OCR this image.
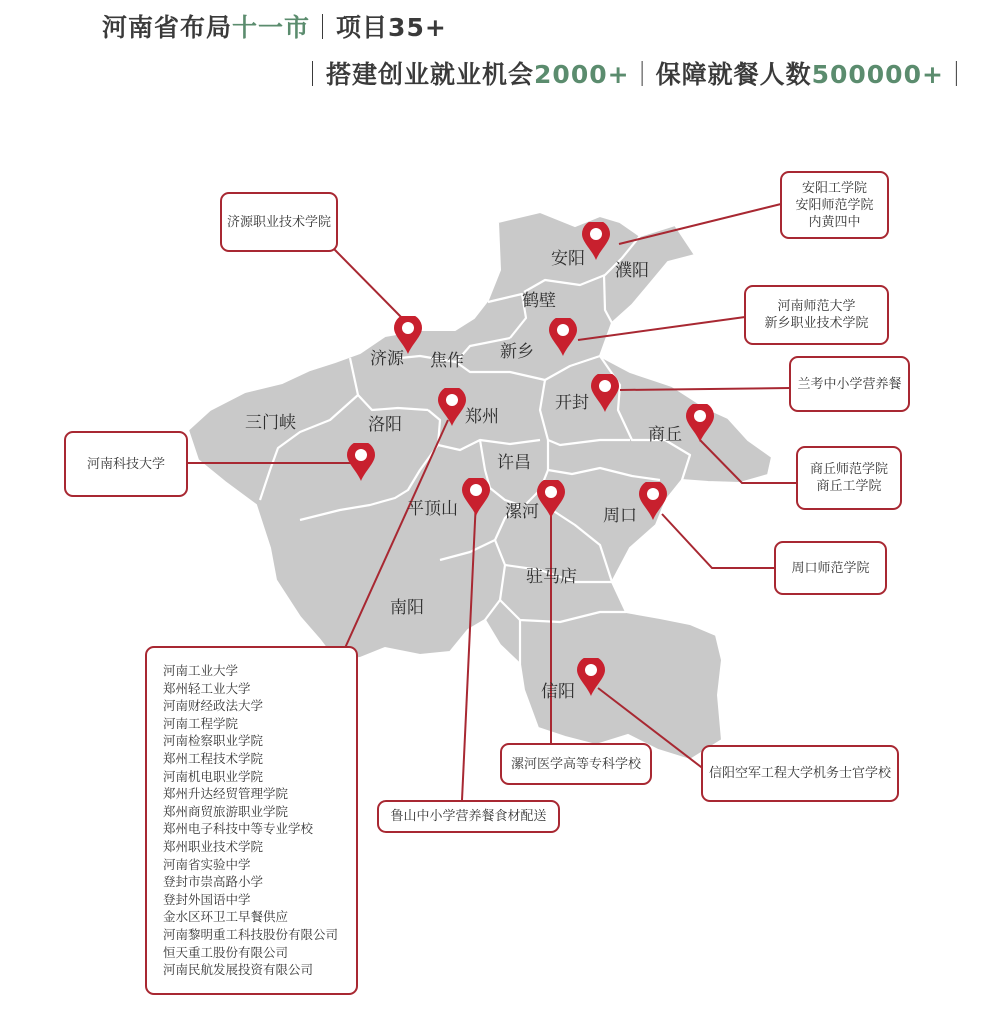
河南省布局十一市｜项目35+
｜搭建创业就业机会2000+｜保障就餐人数500000+｜
安阳
濮阳
鹤壁
新乡
济源 焦作
郑州
开封
三门峡	洛阳	商丘
许昌
平顶山	漯河	周口
驻马店
南阳
信阳
济源职业技术学院
安阳工学院
安阳师范学院
内黄四中
河南师范大学
新乡职业技术学院
兰考中小学营养餐
河南科技大学	商丘师范学院
商丘工学院
周口师范学院
漯河医学高等专科学校
信阳空军工程大学机务士官学校
鲁山中小学营养餐食材配送
河南工业大学
郑州轻工业大学
河南财经政法大学
河南工程学院
河南检察职业学院
郑州工程技术学院
河南机电职业学院
郑州升达经贸管理学院
郑州商贸旅游职业学院
郑州电子科技中等专业学校
郑州职业技术学院
河南省实验中学
登封市崇高路小学
登封外国语中学
金水区环卫工早餐供应
河南黎明重工科技股份有限公司
恒天重工股份有限公司
河南民航发展投资有限公司
